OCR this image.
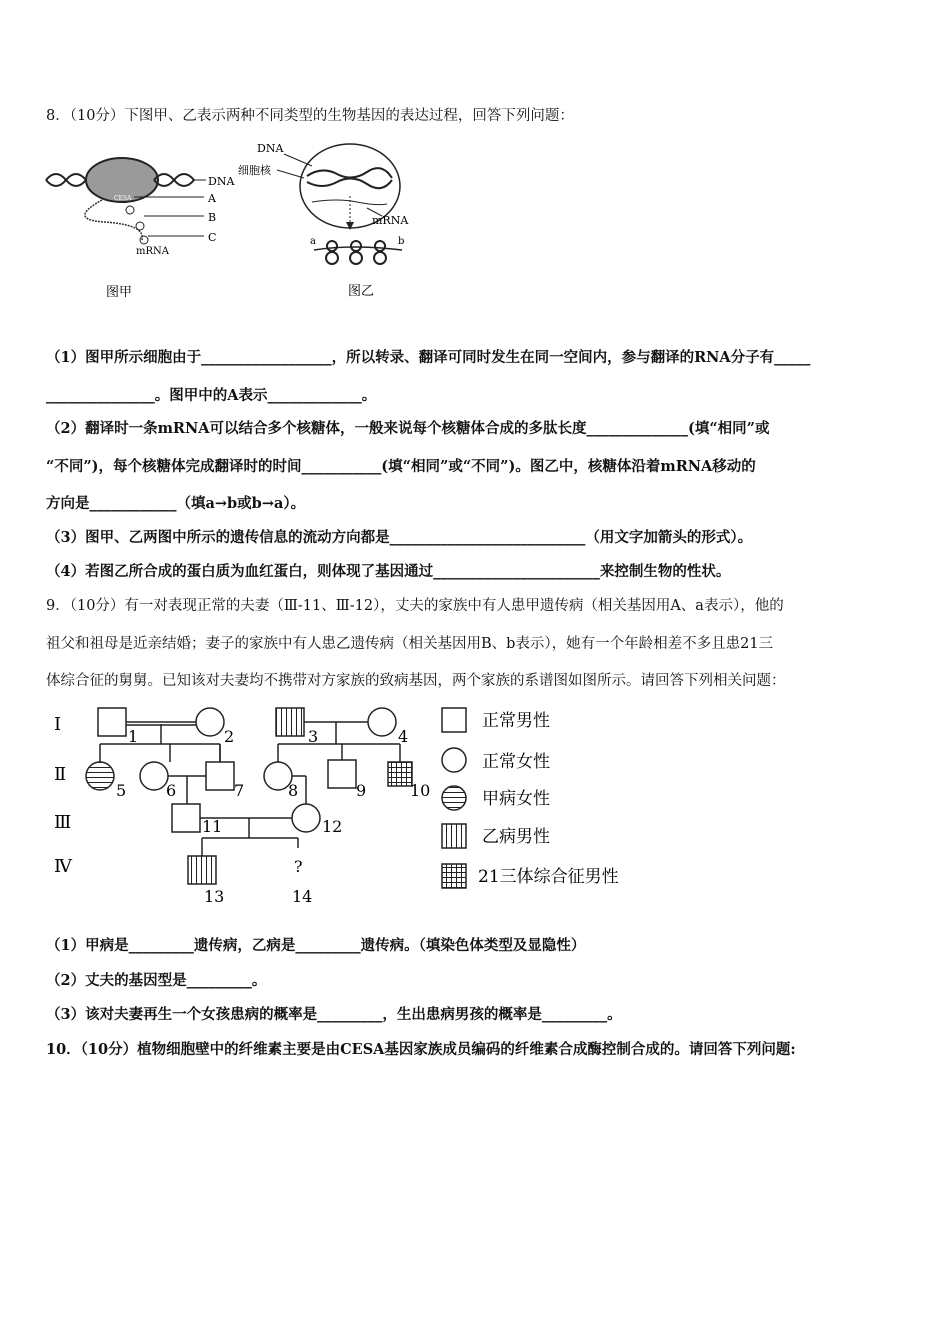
8．（10分）下图甲、乙表示两种不同类型的生物基因的表达过程，回答下列问题：
CESA
DNA
A
B
C
mRNA
图甲
DNA
细胞核
mRNA
a	b
图乙
（1）图甲所示细胞由于__________________，所以转录、翻译可同时发生在同一空间内，参与翻译的RNA分子有_____
_______________。图甲中的A表示_____________。
（2）翻译时一条mRNA可以结合多个核糖体，一般来说每个核糖体合成的多肽长度______________(填“相同”或
“不同”)，每个核糖体完成翻译时的时间___________(填“相同”或“不同”)。图乙中，核糖体沿着mRNA移动的
方向是____________（填a→b或b→a）。
（3）图甲、乙两图中所示的遗传信息的流动方向都是___________________________（用文字加箭头的形式）。
（4）若图乙所合成的蛋白质为血红蛋白，则体现了基因通过_______________________来控制生物的性状。
9．（10分）有一对表现正常的夫妻（Ⅲ-11、Ⅲ-12），丈夫的家族中有人患甲遗传病（相关基因用A、a表示），他的
祖父和祖母是近亲结婚；妻子的家族中有人患乙遗传病（相关基因用B、b表示），她有一个年龄相差不多且患21三
体综合征的舅舅。已知该对夫妻均不携带对方家族的致病基因，两个家族的系谱图如图所示。请回答下列相关问题：
Ⅰ
Ⅱ
Ⅲ
Ⅳ
1	2	3	4
5 6	7	8	9	10
11	12
13
?
14
正常男性
正常女性
甲病女性
乙病男性
21三体综合征男性
（1）甲病是_________遗传病，乙病是_________遗传病。（填染色体类型及显隐性）
（2）丈夫的基因型是_________。
（3）该对夫妻再生一个女孩患病的概率是_________，生出患病男孩的概率是_________。
10．（10分）植物细胞壁中的纤维素主要是由CESA基因家族成员编码的纤维素合成酶控制合成的。请回答下列问题:
